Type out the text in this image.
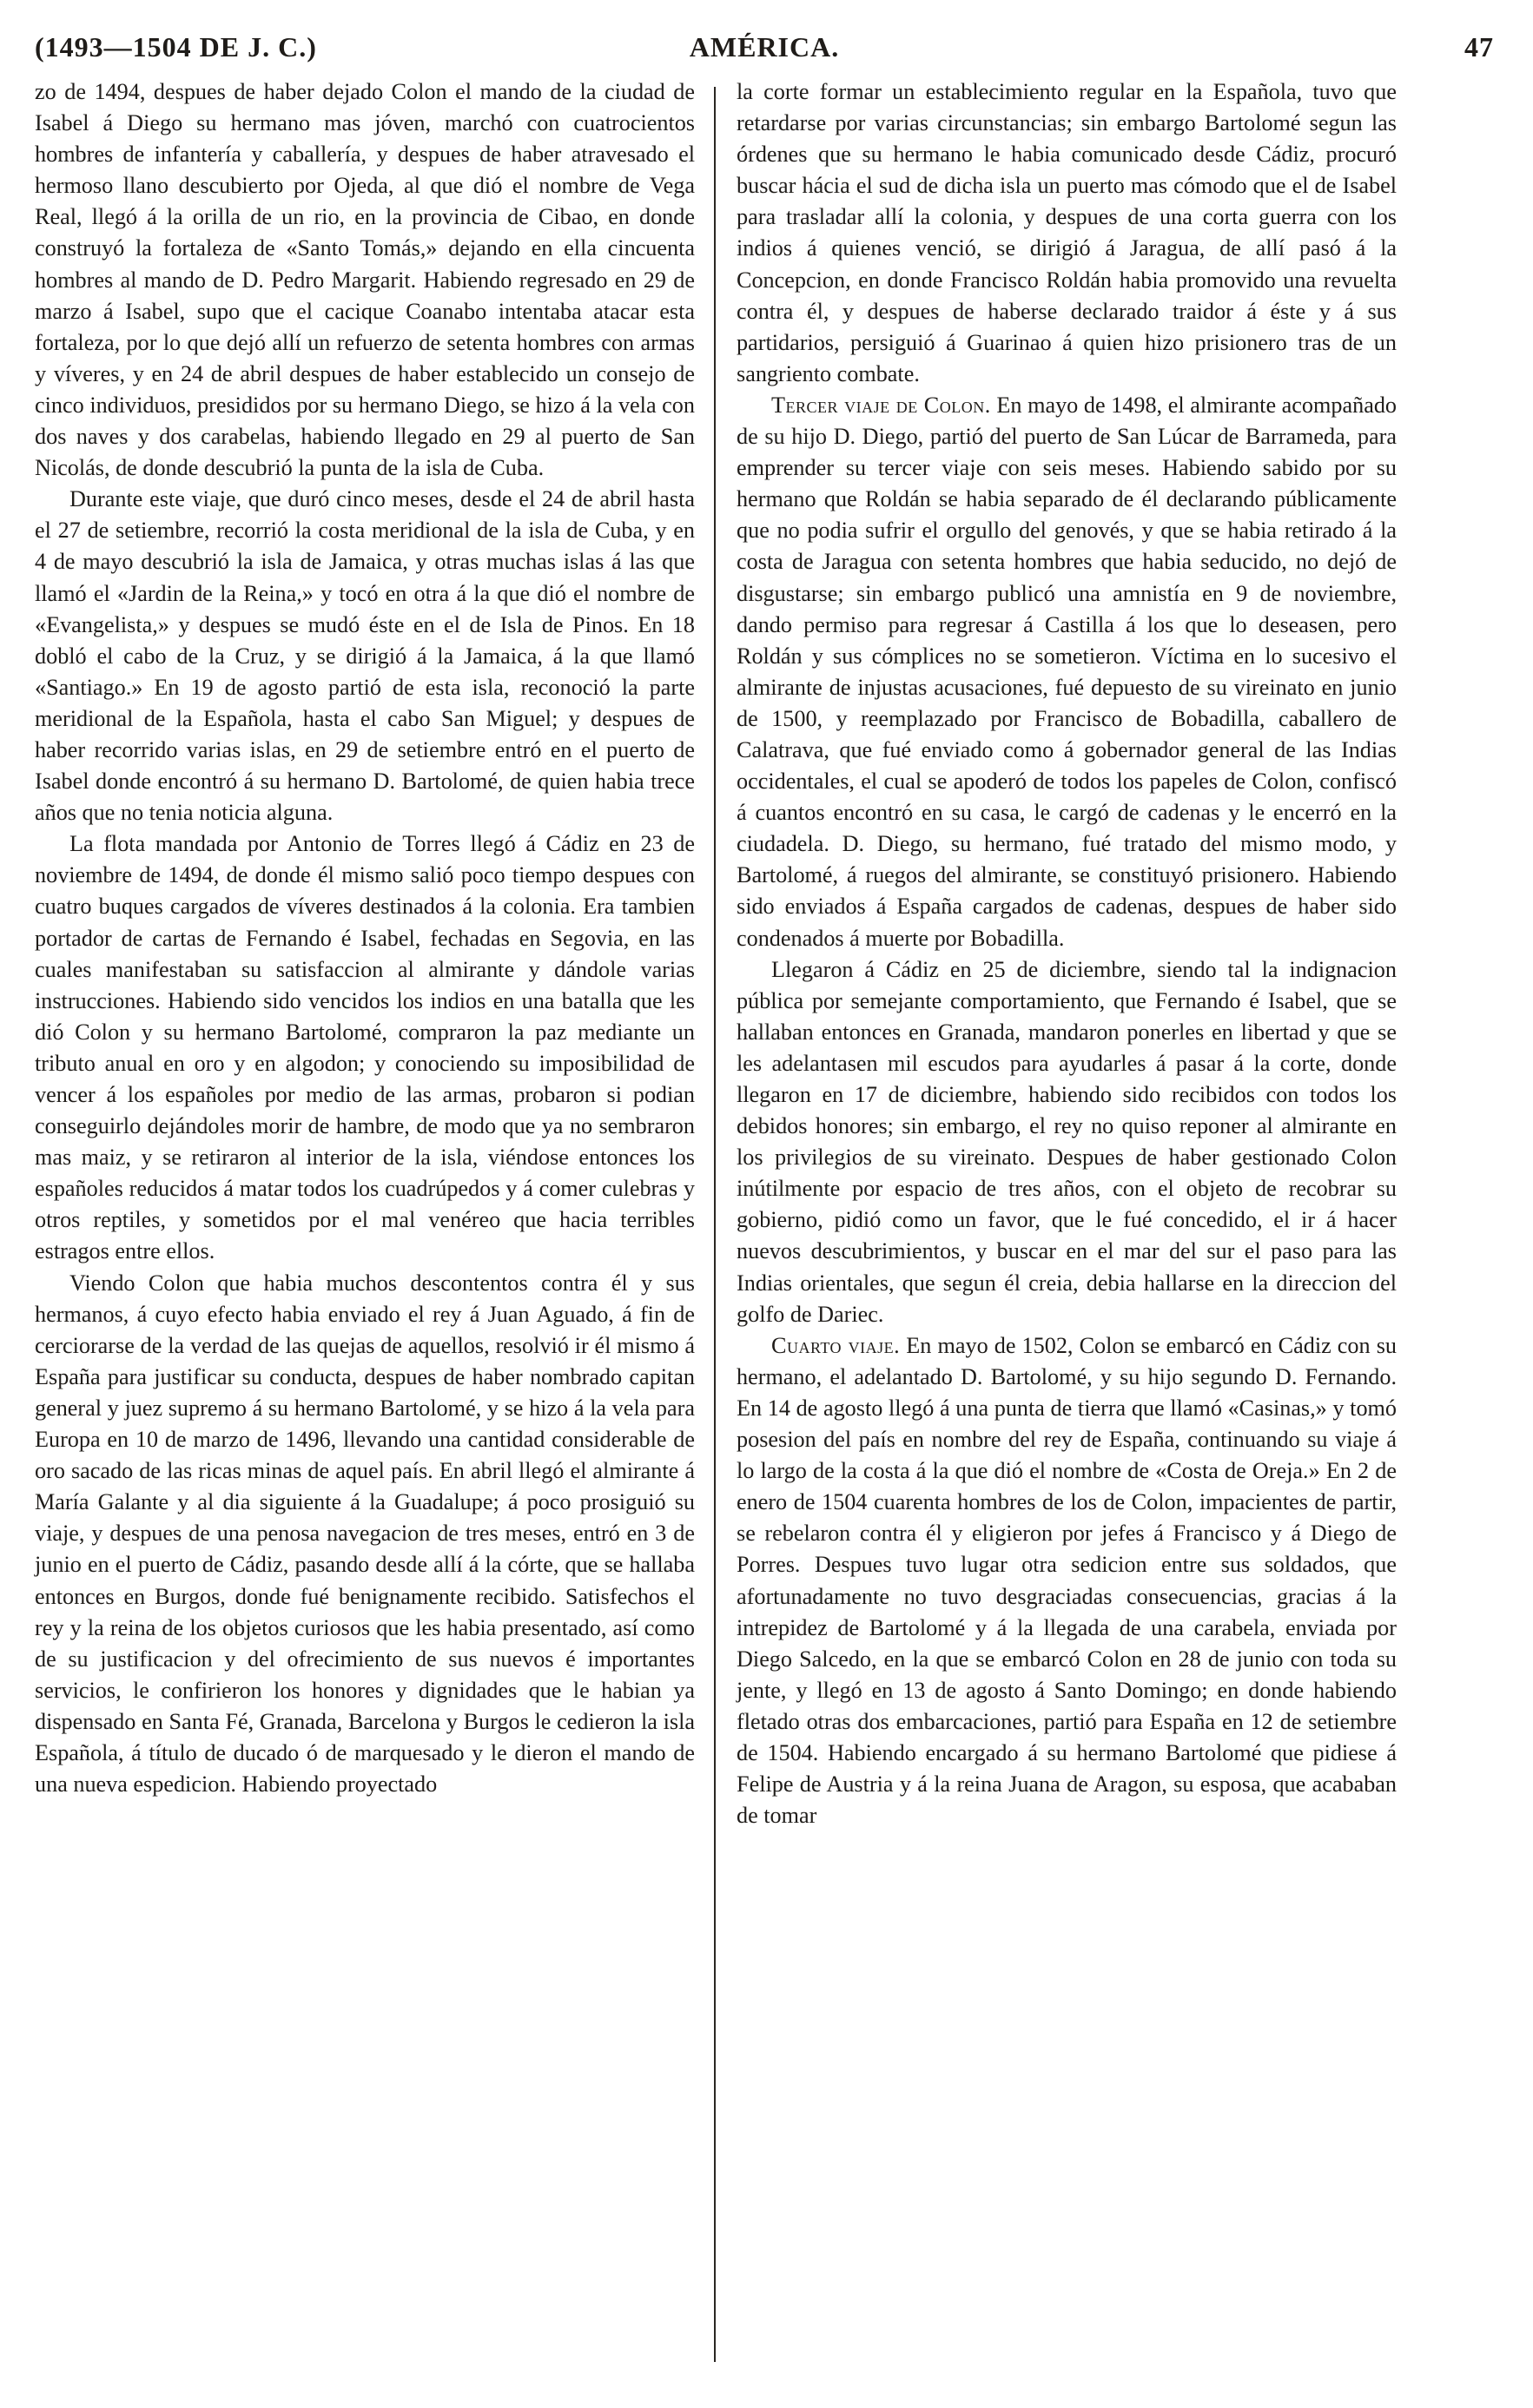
(1493—1504 DE J. C.)	AMÉRICA.	47

zo de 1494, despues de haber dejado Colon el mando de la ciudad de Isabel á Diego su hermano mas jóven, marchó con cuatrocientos hombres de infantería y caballería, y despues de haber atravesado el hermoso llano descubierto por Ojeda, al que dió el nombre de Vega Real, llegó á la orilla de un rio, en la provincia de Cibao, en donde construyó la fortaleza de «Santo Tomás,» dejando en ella cincuenta hombres al mando de D. Pedro Margarit. Habiendo regresado en 29 de marzo á Isabel, supo que el cacique Coanabo intentaba atacar esta fortaleza, por lo que dejó allí un refuerzo de setenta hombres con armas y víveres, y en 24 de abril despues de haber establecido un consejo de cinco individuos, presididos por su hermano Diego, se hizo á la vela con dos naves y dos carabelas, habiendo llegado en 29 al puerto de San Nicolás, de donde descubrió la punta de la isla de Cuba.

Durante este viaje, que duró cinco meses, desde el 24 de abril hasta el 27 de setiembre, recorrió la costa meridional de la isla de Cuba, y en 4 de mayo descubrió la isla de Jamaica, y otras muchas islas á las que llamó el «Jardin de la Reina,» y tocó en otra á la que dió el nombre de «Evangelista,» y despues se mudó éste en el de Isla de Pinos. En 18 dobló el cabo de la Cruz, y se dirigió á la Jamaica, á la que llamó «Santiago.» En 19 de agosto partió de esta isla, reconoció la parte meridional de la Española, hasta el cabo San Miguel; y despues de haber recorrido varias islas, en 29 de setiembre entró en el puerto de Isabel donde encontró á su hermano D. Bartolomé, de quien habia trece años que no tenia noticia alguna.

La flota mandada por Antonio de Torres llegó á Cádiz en 23 de noviembre de 1494, de donde él mismo salió poco tiempo despues con cuatro buques cargados de víveres destinados á la colonia. Era tambien portador de cartas de Fernando é Isabel, fechadas en Segovia, en las cuales manifestaban su satisfaccion al almirante y dándole varias instrucciones. Habiendo sido vencidos los indios en una batalla que les dió Colon y su hermano Bartolomé, compraron la paz mediante un tributo anual en oro y en algodon; y conociendo su imposibilidad de vencer á los españoles por medio de las armas, probaron si podian conseguirlo dejándoles morir de hambre, de modo que ya no sembraron mas maiz, y se retiraron al interior de la isla, viéndose entonces los españoles reducidos á matar todos los cuadrúpedos y á comer culebras y otros reptiles, y sometidos por el mal venéreo que hacia terribles estragos entre ellos.

Viendo Colon que habia muchos descontentos contra él y sus hermanos, á cuyo efecto habia enviado el rey á Juan Aguado, á fin de cerciorarse de la verdad de las quejas de aquellos, resolvió ir él mismo á España para justificar su conducta, despues de haber nombrado capitan general y juez supremo á su hermano Bartolomé, y se hizo á la vela para Europa en 10 de marzo de 1496, llevando una cantidad considerable de oro sacado de las ricas minas de aquel país. En abril llegó el almirante á María Galante y al dia siguiente á la Guadalupe; á poco prosiguió su viaje, y despues de una penosa navegacion de tres meses, entró en 3 de junio en el puerto de Cádiz, pasando desde allí á la córte, que se hallaba entonces en Burgos, donde fué benignamente recibido. Satisfechos el rey y la reina de los objetos curiosos que les habia presentado, así como de su justificacion y del ofrecimiento de sus nuevos é importantes servicios, le confirieron los honores y dignidades que le habian ya dispensado en Santa Fé, Granada, Barcelona y Burgos le cedieron la isla Española, á título de ducado ó de marquesado y le dieron el mando de una nueva espedicion. Habiendo proyectado

la corte formar un establecimiento regular en la Española, tuvo que retardarse por varias circunstancias; sin embargo Bartolomé segun las órdenes que su hermano le habia comunicado desde Cádiz, procuró buscar hácia el sud de dicha isla un puerto mas cómodo que el de Isabel para trasladar allí la colonia, y despues de una corta guerra con los indios á quienes venció, se dirigió á Jaragua, de allí pasó á la Concepcion, en donde Francisco Roldán habia promovido una revuelta contra él, y despues de haberse declarado traidor á éste y á sus partidarios, persiguió á Guarinao á quien hizo prisionero tras de un sangriento combate.

Tercer viaje de Colon. En mayo de 1498, el almirante acompañado de su hijo D. Diego, partió del puerto de San Lúcar de Barrameda, para emprender su tercer viaje con seis meses. Habiendo sabido por su hermano que Roldán se habia separado de él declarando públicamente que no podia sufrir el orgullo del genovés, y que se habia retirado á la costa de Jaragua con setenta hombres que habia seducido, no dejó de disgustarse; sin embargo publicó una amnistía en 9 de noviembre, dando permiso para regresar á Castilla á los que lo deseasen, pero Roldán y sus cómplices no se sometieron. Víctima en lo sucesivo el almirante de injustas acusaciones, fué depuesto de su vireinato en junio de 1500, y reemplazado por Francisco de Bobadilla, caballero de Calatrava, que fué enviado como á gobernador general de las Indias occidentales, el cual se apoderó de todos los papeles de Colon, confiscó á cuantos encontró en su casa, le cargó de cadenas y le encerró en la ciudadela. D. Diego, su hermano, fué tratado del mismo modo, y Bartolomé, á ruegos del almirante, se constituyó prisionero. Habiendo sido enviados á España cargados de cadenas, despues de haber sido condenados á muerte por Bobadilla.

Llegaron á Cádiz en 25 de diciembre, siendo tal la indignacion pública por semejante comportamiento, que Fernando é Isabel, que se hallaban entonces en Granada, mandaron ponerles en libertad y que se les adelantasen mil escudos para ayudarles á pasar á la corte, donde llegaron en 17 de diciembre, habiendo sido recibidos con todos los debidos honores; sin embargo, el rey no quiso reponer al almirante en los privilegios de su vireinato. Despues de haber gestionado Colon inútilmente por espacio de tres años, con el objeto de recobrar su gobierno, pidió como un favor, que le fué concedido, el ir á hacer nuevos descubrimientos, y buscar en el mar del sur el paso para las Indias orientales, que segun él creia, debia hallarse en la direccion del golfo de Dariec.

Cuarto viaje. En mayo de 1502, Colon se embarcó en Cádiz con su hermano, el adelantado D. Bartolomé, y su hijo segundo D. Fernando. En 14 de agosto llegó á una punta de tierra que llamó «Casinas,» y tomó posesion del país en nombre del rey de España, continuando su viaje á lo largo de la costa á la que dió el nombre de «Costa de Oreja.» En 2 de enero de 1504 cuarenta hombres de los de Colon, impacientes de partir, se rebelaron contra él y eligieron por jefes á Francisco y á Diego de Porres. Despues tuvo lugar otra sedicion entre sus soldados, que afortunadamente no tuvo desgraciadas consecuencias, gracias á la intrepidez de Bartolomé y á la llegada de una carabela, enviada por Diego Salcedo, en la que se embarcó Colon en 28 de junio con toda su jente, y llegó en 13 de agosto á Santo Domingo; en donde habiendo fletado otras dos embarcaciones, partió para España en 12 de setiembre de 1504. Habiendo encargado á su hermano Bartolomé que pidiese á Felipe de Austria y á la reina Juana de Aragon, su esposa, que acababan de tomar
